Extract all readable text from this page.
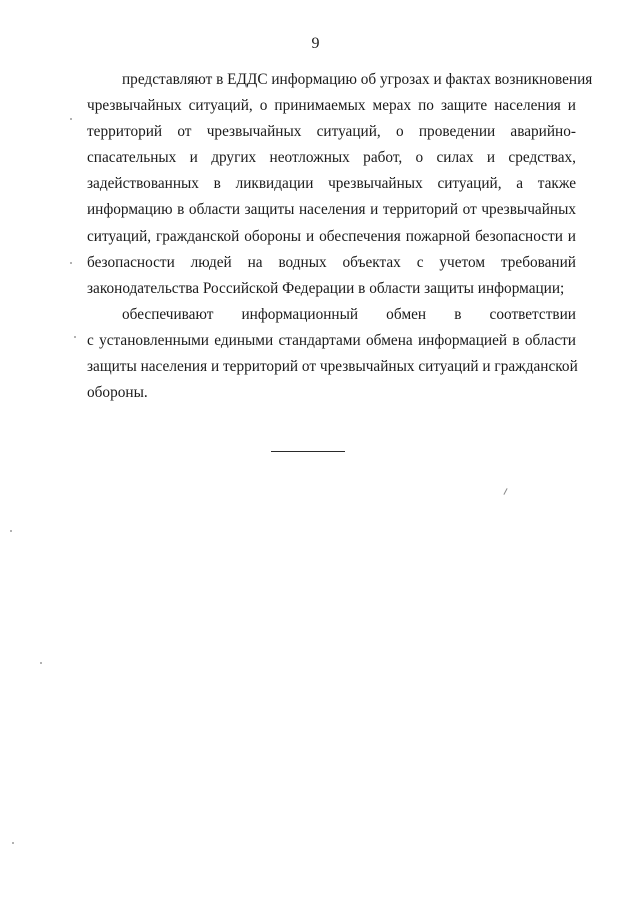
9

представляют в ЕДДС информацию об угрозах и фактах возникновения
чрезвычайных ситуаций, о принимаемых мерах по защите населения и
территорий от чрезвычайных ситуаций, о проведении аварийно-
спасательных и других неотложных работ, о силах и средствах,
задействованных в ликвидации чрезвычайных ситуаций, а также
информацию в области защиты населения и территорий от чрезвычайных
ситуаций, гражданской обороны и обеспечения пожарной безопасности и
безопасности людей на водных объектах с учетом требований
законодательства Российской Федерации в области защиты информации;

обеспечивают информационный обмен в соответствии
с установленными едиными стандартами обмена информацией в области
защиты населения и территорий от чрезвычайных ситуаций и гражданской
обороны.
